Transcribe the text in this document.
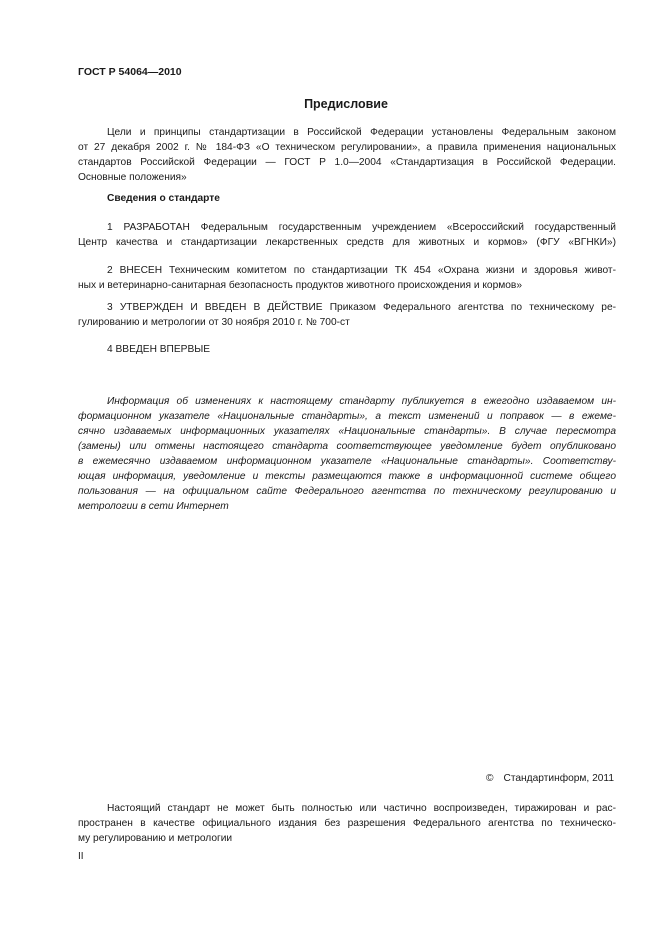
ГОСТ Р 54064—2010
Предисловие
Цели и принципы стандартизации в Российской Федерации установлены Федеральным законом
от 27 декабря 2002 г. № 184-ФЗ «О техническом регулировании», а правила применения национальных
стандартов Российской Федерации — ГОСТ Р 1.0—2004 «Стандартизация в Российской Федерации.
Основные положения»
Сведения о стандарте
1 РАЗРАБОТАН Федеральным государственным учреждением «Всероссийский государственный
Центр качества и стандартизации лекарственных средств для животных и кормов» (ФГУ «ВГНКИ»)
2 ВНЕСЕН Техническим комитетом по стандартизации ТК 454 «Охрана жизни и здоровья живот-
ных и ветеринарно-санитарная безопасность продуктов животного происхождения и кормов»
3 УТВЕРЖДЕН И ВВЕДЕН В ДЕЙСТВИЕ Приказом Федерального агентства по техническому ре-
гулированию и метрологии от 30 ноября 2010 г. № 700-ст
4 ВВЕДЕН ВПЕРВЫЕ
Информация об изменениях к настоящему стандарту публикуется в ежегодно издаваемом ин-
формационном указателе «Национальные стандарты», а текст изменений и поправок — в ежеме-
сячно издаваемых информационных указателях «Национальные стандарты». В случае пересмотра
(замены) или отмены настоящего стандарта соответствующее уведомление будет опубликовано
в ежемесячно издаваемом информационном указателе «Национальные стандарты». Соответству-
ющая информация, уведомление и тексты размещаются также в информационной системе общего
пользования — на официальном сайте Федерального агентства по техническому регулированию и
метрологии в сети Интернет
© Стандартинформ, 2011
Настоящий стандарт не может быть полностью или частично воспроизведен, тиражирован и рас-
пространен в качестве официального издания без разрешения Федерального агентства по техническо-
му регулированию и метрологии
II
